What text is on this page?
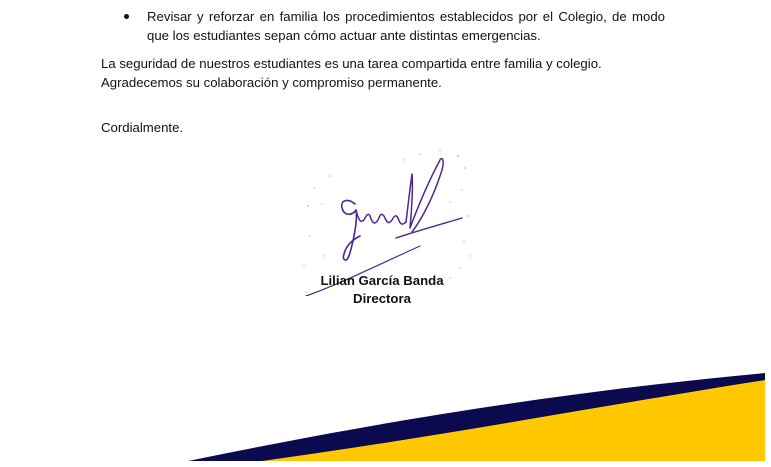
Revisar y reforzar en familia los procedimientos establecidos por el Colegio, de modo que los estudiantes sepan cómo actuar ante distintas emergencias.

La seguridad de nuestros estudiantes es una tarea compartida entre familia y colegio.

Agradecemos su colaboración y compromiso permanente.

Cordialmente.

Lilian García Banda
Directora
